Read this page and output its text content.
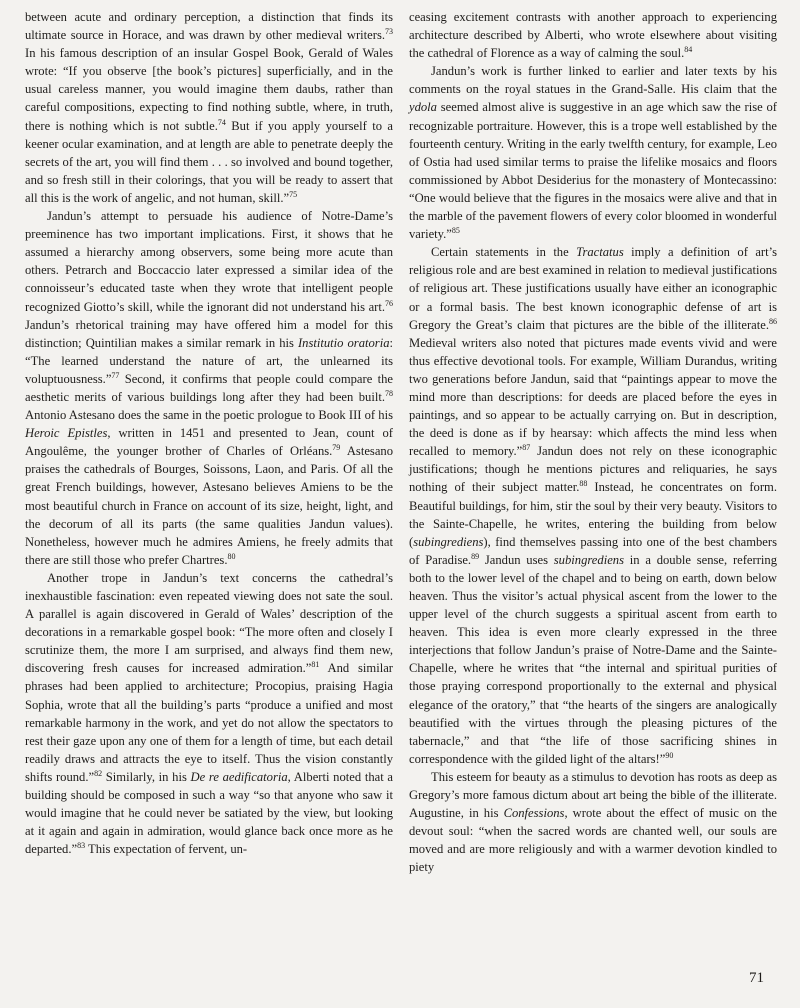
between acute and ordinary perception, a distinction that finds its ultimate source in Horace, and was drawn by other medieval writers.$^{73}$ In his famous description of an insular Gospel Book, Gerald of Wales wrote: “If you observe [the book’s pictures] superficially, and in the usual careless manner, you would imagine them daubs, rather than careful compositions, expecting to find nothing subtle, where, in truth, there is nothing which is not subtle.$^{74}$ But if you apply yourself to a keener ocular examination, and at length are able to penetrate deeply the secrets of the art, you will find them . . . so involved and bound together, and so fresh still in their colorings, that you will be ready to assert that all this is the work of angelic, and not human, skill.”$^{75}$

Jandun’s attempt to persuade his audience of Notre-Dame’s preeminence has two important implications. First, it shows that he assumed a hierarchy among observers, some being more acute than others. Petrarch and Boccaccio later expressed a similar idea of the connoisseur’s educated taste when they wrote that intelligent people recognized Giotto’s skill, while the ignorant did not understand his art.$^{76}$ Jandun’s rhetorical training may have offered him a model for this distinction; Quintilian makes a similar remark in his Institutio oratoria: “The learned understand the nature of art, the unlearned its voluptuousness.”$^{77}$ Second, it confirms that people could compare the aesthetic merits of various buildings long after they had been built.$^{78}$ Antonio Astesano does the same in the poetic prologue to Book III of his Heroic Epistles, written in 1451 and presented to Jean, count of Angoulême, the younger brother of Charles of Orléans.$^{79}$ Astesano praises the cathedrals of Bourges, Soissons, Laon, and Paris. Of all the great French buildings, however, Astesano believes Amiens to be the most beautiful church in France on account of its size, height, light, and the decorum of all its parts (the same qualities Jandun values). Nonetheless, however much he admires Amiens, he freely admits that there are still those who prefer Chartres.$^{80}$

Another trope in Jandun’s text concerns the cathedral’s inexhaustible fascination: even repeated viewing does not sate the soul. A parallel is again discovered in Gerald of Wales’ description of the decorations in a remarkable gospel book: “The more often and closely I scrutinize them, the more I am surprised, and always find them new, discovering fresh causes for increased admiration.”$^{81}$ And similar phrases had been applied to architecture; Procopius, praising Hagia Sophia, wrote that all the building’s parts “produce a unified and most remarkable harmony in the work, and yet do not allow the spectators to rest their gaze upon any one of them for a length of time, but each detail readily draws and attracts the eye to itself. Thus the vision constantly shifts round.”$^{82}$ Similarly, in his De re aedificatoria, Alberti noted that a building should be composed in such a way “so that anyone who saw it would imagine that he could never be satiated by the view, but looking at it again and again in admiration, would glance back once more as he departed.”$^{83}$ This expectation of fervent, un-

ceasing excitement contrasts with another approach to experiencing architecture described by Alberti, who wrote elsewhere about visiting the cathedral of Florence as a way of calming the soul.$^{84}$

Jandun’s work is further linked to earlier and later texts by his comments on the royal statues in the Grand-Salle. His claim that the ydola seemed almost alive is suggestive in an age which saw the rise of recognizable portraiture. However, this is a trope well established by the fourteenth century. Writing in the early twelfth century, for example, Leo of Ostia had used similar terms to praise the lifelike mosaics and floors commissioned by Abbot Desiderius for the monastery of Montecassino: “One would believe that the figures in the mosaics were alive and that in the marble of the pavement flowers of every color bloomed in wonderful variety.”$^{85}$

Certain statements in the Tractatus imply a definition of art’s religious role and are best examined in relation to medieval justifications of religious art. These justifications usually have either an iconographic or a formal basis. The best known iconographic defense of art is Gregory the Great’s claim that pictures are the bible of the illiterate.$^{86}$ Medieval writers also noted that pictures made events vivid and were thus effective devotional tools. For example, William Durandus, writing two generations before Jandun, said that “paintings appear to move the mind more than descriptions: for deeds are placed before the eyes in paintings, and so appear to be actually carrying on. But in description, the deed is done as if by hearsay: which affects the mind less when recalled to memory.”$^{87}$ Jandun does not rely on these iconographic justifications; though he mentions pictures and reliquaries, he says nothing of their subject matter.$^{88}$ Instead, he concentrates on form. Beautiful buildings, for him, stir the soul by their very beauty. Visitors to the Sainte-Chapelle, he writes, entering the building from below (subingrediens), find themselves passing into one of the best chambers of Paradise.$^{89}$ Jandun uses subingrediens in a double sense, referring both to the lower level of the chapel and to being on earth, down below heaven. Thus the visitor’s actual physical ascent from the lower to the upper level of the church suggests a spiritual ascent from earth to heaven. This idea is even more clearly expressed in the three interjections that follow Jandun’s praise of Notre-Dame and the Sainte-Chapelle, where he writes that “the internal and spiritual purities of those praying correspond proportionally to the external and physical elegance of the oratory,” that “the hearts of the singers are analogically beautified with the virtues through the pleasing pictures of the tabernacle,” and that “the life of those sacrificing shines in correspondence with the gilded light of the altars!”$^{90}$

This esteem for beauty as a stimulus to devotion has roots as deep as Gregory’s more famous dictum about art being the bible of the illiterate. Augustine, in his Confessions, wrote about the effect of music on the devout soul: “when the sacred words are chanted well, our souls are moved and are more religiously and with a warmer devotion kindled to piety

71
